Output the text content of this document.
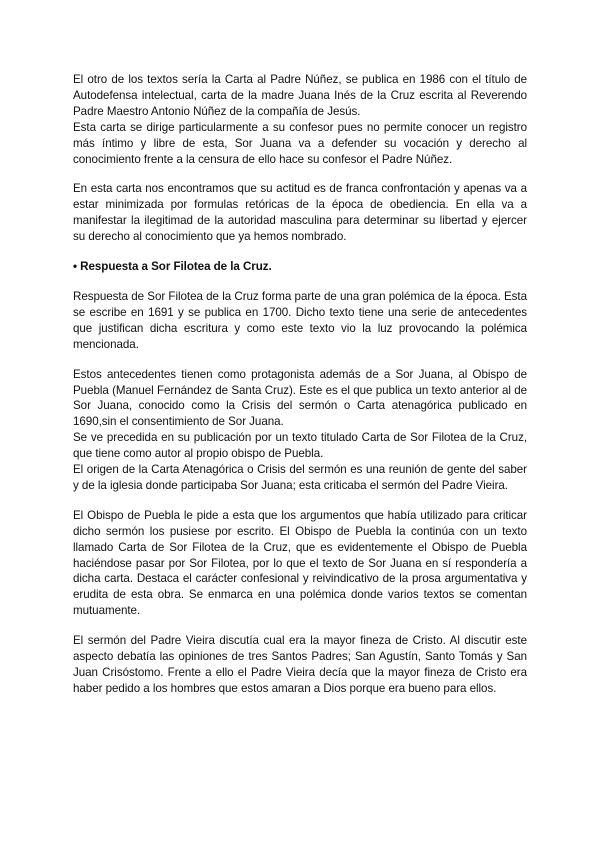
El otro de los textos sería la Carta al Padre Núñez, se publica en 1986 con el título de Autodefensa intelectual, carta de la madre Juana Inés de la Cruz escrita al Reverendo Padre Maestro Antonio Núñez de la compañía de Jesús.

Esta carta se dirige particularmente a su confesor pues no permite conocer un registro más íntimo y libre de esta, Sor Juana va a defender su vocación y derecho al conocimiento frente a la censura de ello hace su confesor el Padre Núñez.

En esta carta nos encontramos que su actitud es de franca confrontación y apenas va a estar minimizada por formulas retóricas de la época de obediencia. En ella va a manifestar la ilegitimad de la autoridad masculina para determinar su libertad y ejercer su derecho al conocimiento que ya hemos nombrado.

• Respuesta a Sor Filotea de la Cruz.

Respuesta de Sor Filotea de la Cruz forma parte de una gran polémica de la época. Esta se escribe en 1691 y se publica en 1700. Dicho texto tiene una serie de antecedentes que justifican dicha escritura y como este texto vio la luz provocando la polémica mencionada.

Estos antecedentes tienen como protagonista además de a Sor Juana, al Obispo de Puebla (Manuel Fernández de Santa Cruz). Este es el que publica un texto anterior al de Sor Juana, conocido como la Crisis del sermón o Carta atenagórica publicado en 1690,sin el consentimiento de Sor Juana.

Se ve precedida en su publicación por un texto titulado Carta de Sor Filotea de la Cruz, que tiene como autor al propio obispo de Puebla.

El origen de la Carta Atenagórica o Crisis del sermón es una reunión de gente del saber y de la iglesia donde participaba Sor Juana; esta criticaba el sermón del Padre Vieira.

El Obispo de Puebla le pide a esta que los argumentos que había utilizado para criticar dicho sermón los pusiese por escrito. El Obispo de Puebla la continúa con un texto llamado Carta de Sor Filotea de la Cruz, que es evidentemente el Obispo de Puebla haciéndose pasar por Sor Filotea, por lo que el texto de Sor Juana en sí respondería a dicha carta. Destaca el carácter confesional y reivindicativo de la prosa argumentativa y erudita de esta obra. Se enmarca en una polémica donde varios textos se comentan mutuamente.

El sermón del Padre Vieira discutía cual era la mayor fineza de Cristo. Al discutir este aspecto debatía las opiniones de tres Santos Padres; San Agustín, Santo Tomás y San Juan Crisóstomo. Frente a ello el Padre Vieira decía que la mayor fineza de Cristo era haber pedido a los hombres que estos amaran a Dios porque era bueno para ellos.
